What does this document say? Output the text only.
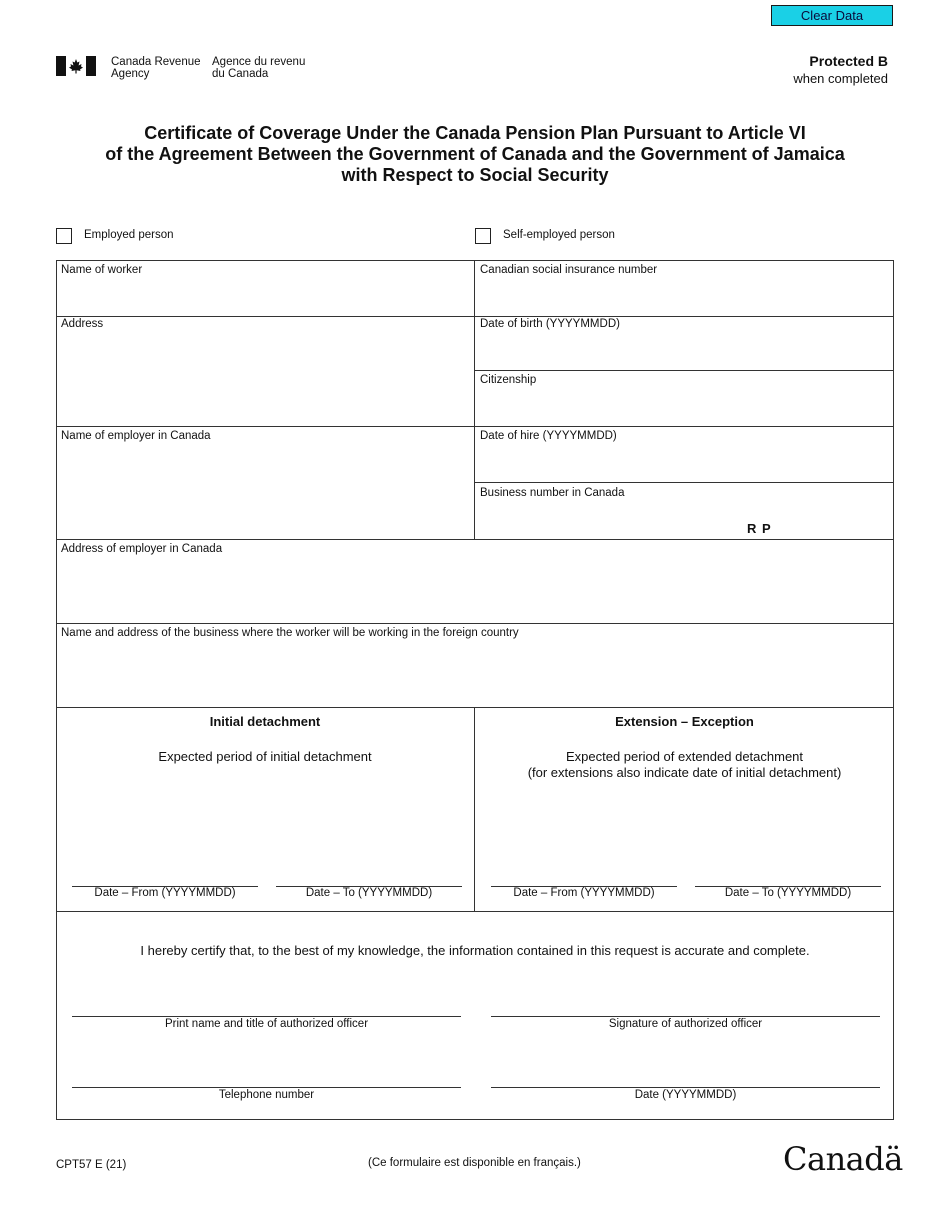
Clear Data
Canada Revenue
Agency
Agence du revenu
du Canada
Protected B
when completed
Certificate of Coverage Under the Canada Pension Plan Pursuant to Article VI
of the Agreement Between the Government of Canada and the Government of Jamaica
with Respect to Social Security
Employed person	Self-employed person
Name of worker	Canadian social insurance number
Address	Date of birth (YYYYMMDD)
Citizenship
Name of employer in Canada	Date of hire (YYYYMMDD)
Business number in Canada
R P
Address of employer in Canada
Name and address of the business where the worker will be working in the foreign country
Initial detachment
Expected period of initial detachment
Date – From (YYYYMMDD)	Date – To (YYYYMMDD)
Extension – Exception
Expected period of extended detachment
(for extensions also indicate date of initial detachment)
Date – From (YYYYMMDD)	Date – To (YYYYMMDD)
I hereby certify that, to the best of my knowledge, the information contained in this request is accurate and complete.
Print name and title of authorized officer	Signature of authorized officer
Telephone number	Date (YYYYMMDD)
CPT57 E (21)	(Ce formulaire est disponible en français.)	Canadä
